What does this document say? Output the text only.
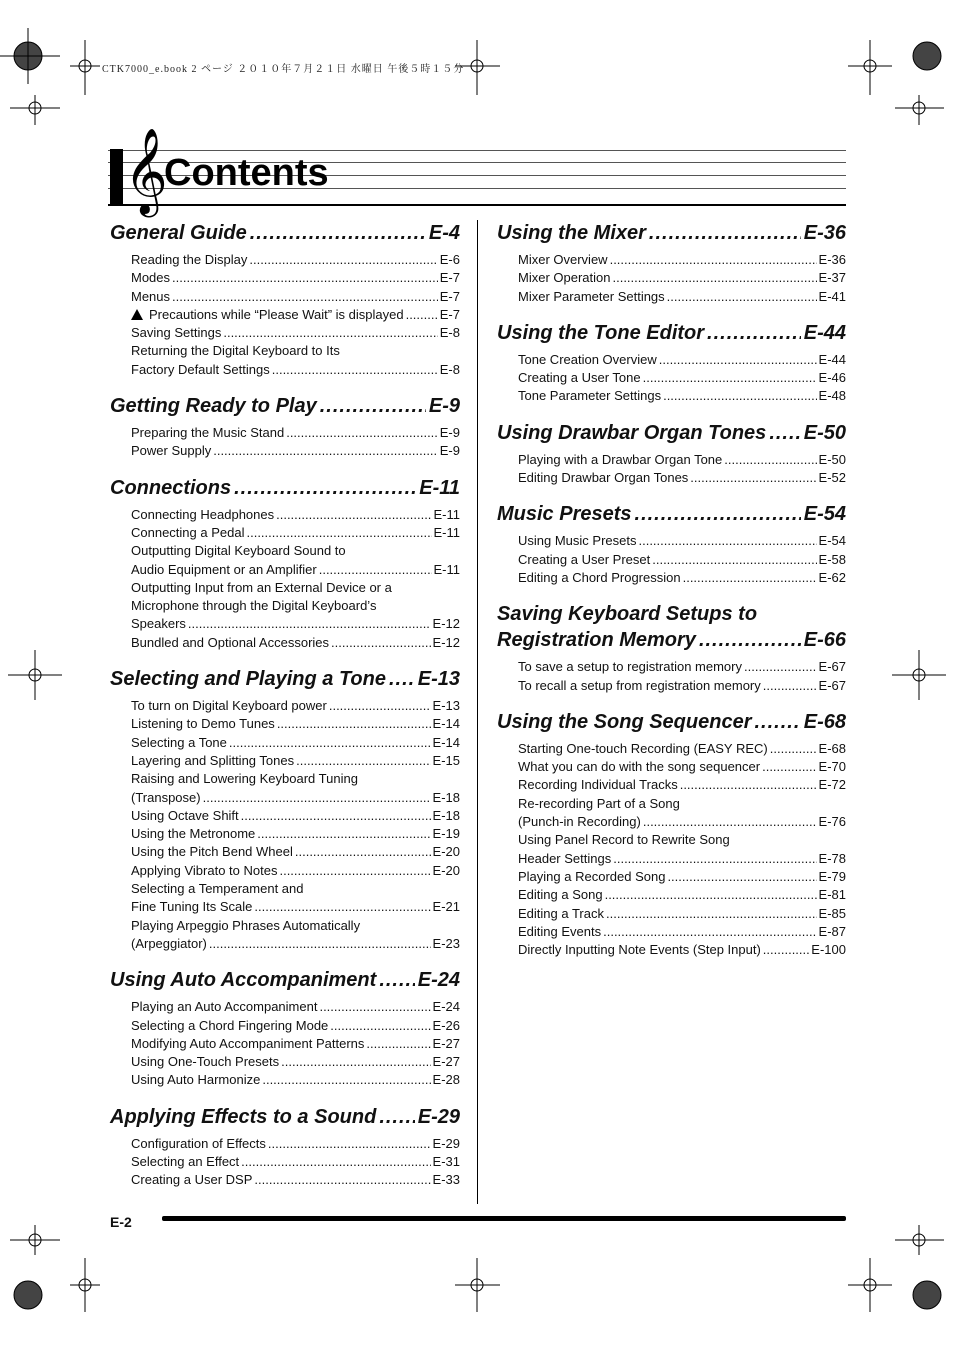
CTK7000_e.book 2 ページ ２０１０年７月２１日 水曜日 午後５時１５分
𝄞
Contents
General Guide .....	E-4
Reading the Display .....	E-6
Modes .....	E-7
Menus .....	E-7
Precautions while “Please Wait” is displayed .....	E-7
Saving Settings .....	E-8
Returning the Digital Keyboard to Its
Factory Default Settings .....	E-8
Getting Ready to Play .....	E-9
Preparing the Music Stand .....	E-9
Power Supply .....	E-9
Connections .....	E-11
Connecting Headphones .....	E-11
Connecting a Pedal .....	E-11
Outputting Digital Keyboard Sound to
Audio Equipment or an Amplifier .....	E-11
Outputting Input from an External Device or a
Microphone through the Digital Keyboard’s
Speakers .....	E-12
Bundled and Optional Accessories .....	E-12
Selecting and Playing a Tone ..... E-13
To turn on Digital Keyboard power .....	E-13
Listening to Demo Tunes .....	E-14
Selecting a Tone .....	E-14
Layering and Splitting Tones .....	E-15
Raising and Lowering Keyboard Tuning
(Transpose) .....	E-18
Using Octave Shift .....	E-18
Using the Metronome .....	E-19
Using the Pitch Bend Wheel .....	E-20
Applying Vibrato to Notes .....	E-20
Selecting a Temperament and
Fine Tuning Its Scale .....	E-21
Playing Arpeggio Phrases Automatically
(Arpeggiator) .....	E-23
Using Auto Accompaniment ..... E-24
Playing an Auto Accompaniment .....	E-24
Selecting a Chord Fingering Mode .....	E-26
Modifying Auto Accompaniment Patterns .....	E-27
Using One-Touch Presets .....	E-27
Using Auto Harmonize .....	E-28
Applying Effects to a Sound ..... E-29
Configuration of Effects .....	E-29
Selecting an Effect .....	E-31
Creating a User DSP .....	E-33
Using the Mixer .....	E-36
Mixer Overview .....	E-36
Mixer Operation .....	E-37
Mixer Parameter Settings .....	E-41
Using the Tone Editor .....	E-44
Tone Creation Overview .....	E-44
Creating a User Tone .....	E-46
Tone Parameter Settings .....	E-48
Using Drawbar Organ Tones ..... E-50
Playing with a Drawbar Organ Tone .....	E-50
Editing Drawbar Organ Tones .....	E-52
Music Presets .....	E-54
Using Music Presets .....	E-54
Creating a User Preset .....	E-58
Editing a Chord Progression .....	E-62
Saving Keyboard Setups to
Registration Memory .....	E-66
To save a setup to registration memory .....	E-67
To recall a setup from registration memory .....	E-67
Using the Song Sequencer .....	E-68
Starting One-touch Recording (EASY REC) .....	E-68
What you can do with the song sequencer .....	E-70
Recording Individual Tracks .....	E-72
Re-recording Part of a Song
(Punch-in Recording) .....	E-76
Using Panel Record to Rewrite Song
Header Settings .....	E-78
Playing a Recorded Song .....	E-79
Editing a Song .....	E-81
Editing a Track .....	E-85
Editing Events .....	E-87
Directly Inputting Note Events (Step Input) .....	E-100
E-2
